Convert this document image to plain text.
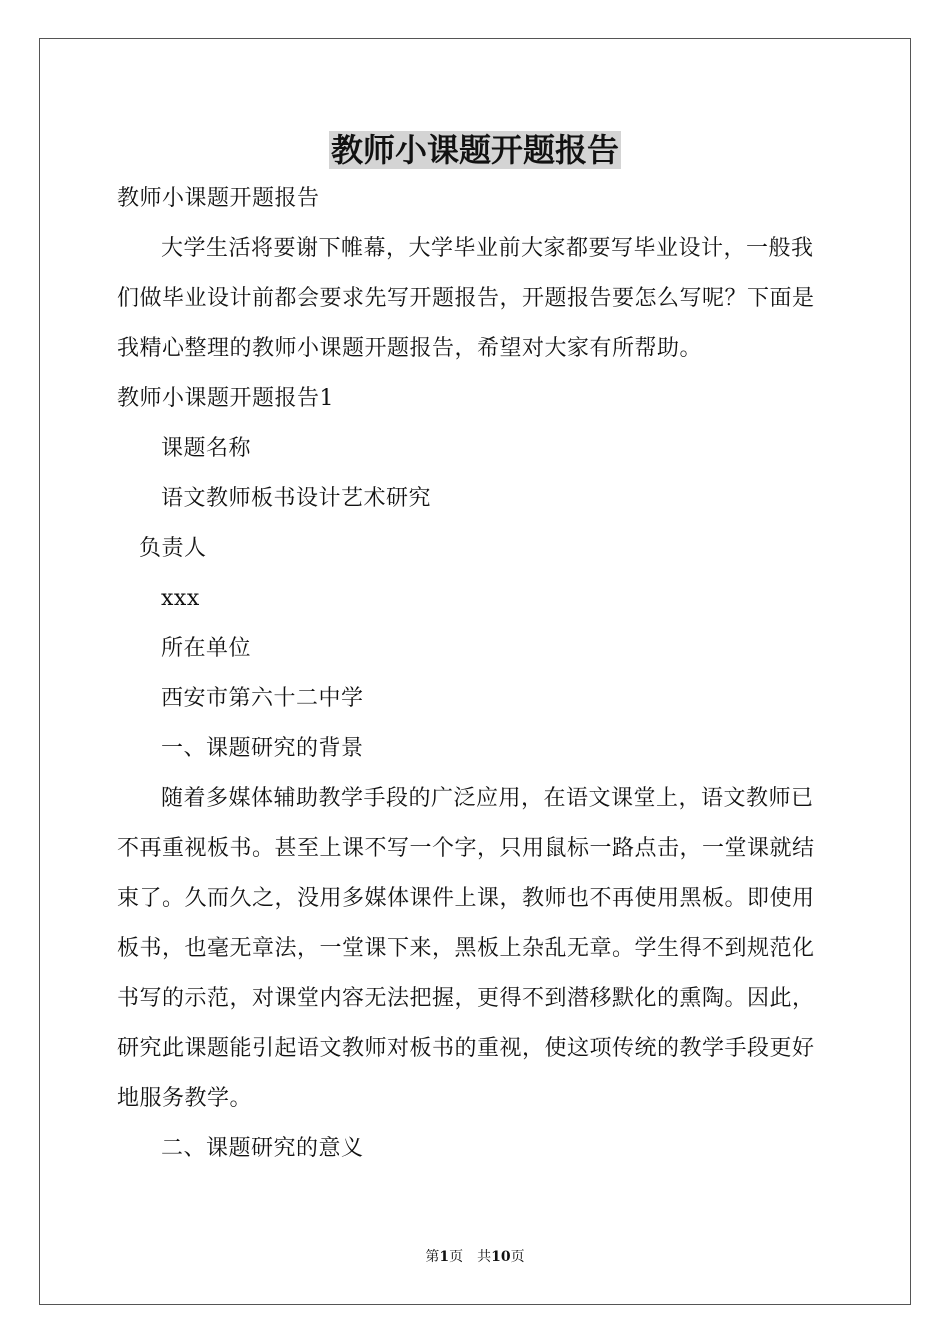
教师小课题开题报告

教师小课题开题报告

大学生活将要谢下帷幕，大学毕业前大家都要写毕业设计，一般我们做毕业设计前都会要求先写开题报告，开题报告要怎么写呢？下面是我精心整理的教师小课题开题报告，希望对大家有所帮助。

教师小课题开题报告1

课题名称

语文教师板书设计艺术研究

负责人

xxx

所在单位

西安市第六十二中学

一、课题研究的背景

随着多媒体辅助教学手段的广泛应用，在语文课堂上，语文教师已不再重视板书。甚至上课不写一个字，只用鼠标一路点击，一堂课就结束了。久而久之，没用多媒体课件上课，教师也不再使用黑板。即使用板书，也毫无章法，一堂课下来，黑板上杂乱无章。学生得不到规范化书写的示范，对课堂内容无法把握，更得不到潜移默化的熏陶。因此，研究此课题能引起语文教师对板书的重视，使这项传统的教学手段更好地服务教学。

二、课题研究的意义

第1页　共10页
